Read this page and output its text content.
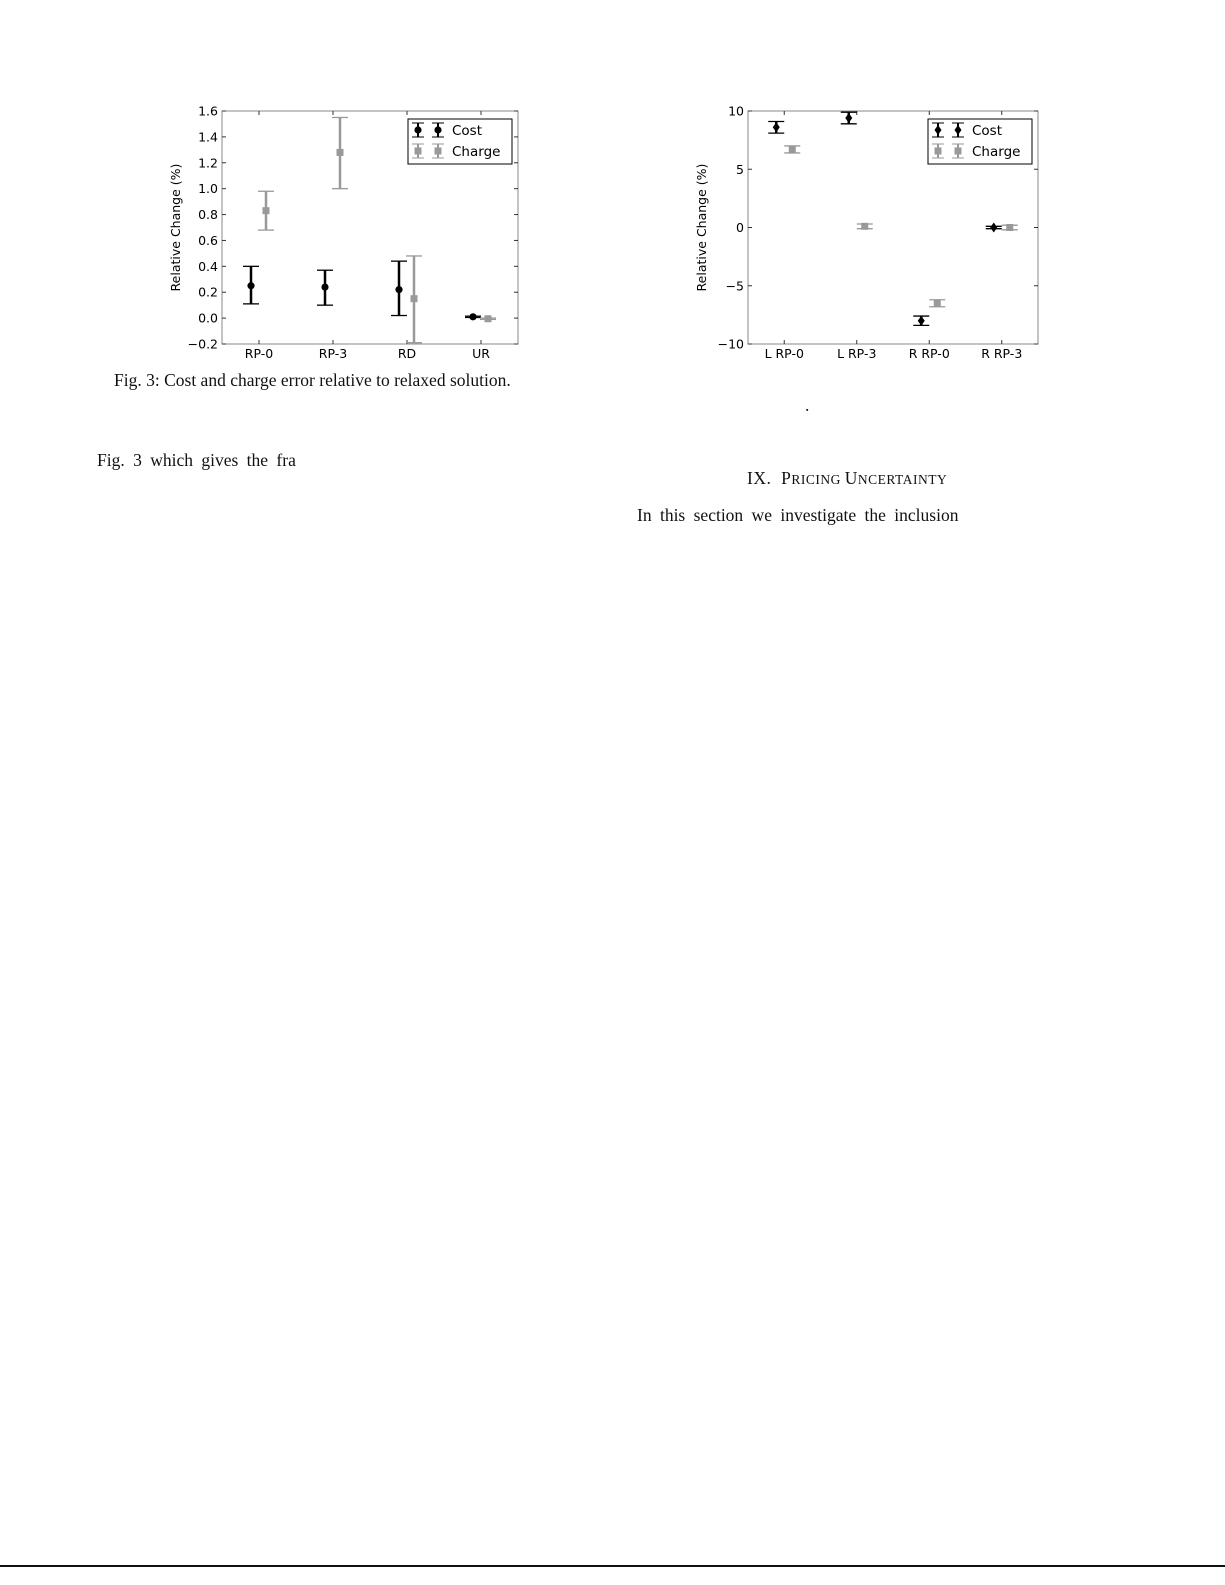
−0.2
0.0
0.2
0.4
0.6
0.8
1.0
1.2
1.4
1.6
RP-0	RP-3	RD	UR
Relative Change (%)
Cost
Charge
−10
−5
0
5
10
L RP-0	L RP-3	R RP-0	R RP-3
Relative Change (%)
Cost
Charge
Fig. 3: Cost and charge error relative to relaxed solution.
.
Fig. 3 which gives the fra
IX. PRICING UNCERTAINTY
In this section we investigate the inclusion
